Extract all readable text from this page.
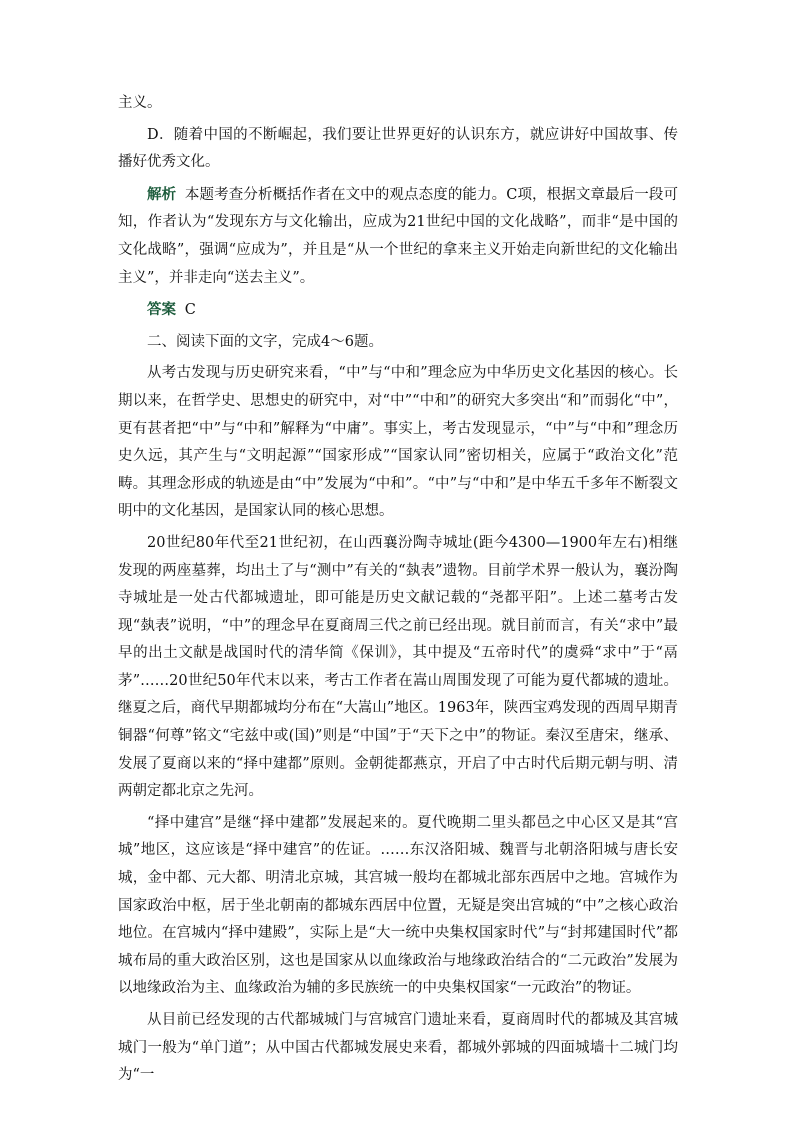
主义。

D．随着中国的不断崛起，我们要让世界更好的认识东方，就应讲好中国故事、传播好优秀文化。

解析 本题考查分析概括作者在文中的观点态度的能力。C项，根据文章最后一段可知，作者认为“发现东方与文化输出，应成为21世纪中国的文化战略”，而非“是中国的文化战略”，强调“应成为”，并且是“从一个世纪的拿来主义开始走向新世纪的文化输出主义”，并非走向“送去主义”。

答案 C

二、阅读下面的文字，完成4～6题。

从考古发现与历史研究来看，“中”与“中和”理念应为中华历史文化基因的核心。长期以来，在哲学史、思想史的研究中，对“中”“中和”的研究大多突出“和”而弱化“中”，更有甚者把“中”与“中和”解释为“中庸”。事实上，考古发现显示，“中”与“中和”理念历史久远，其产生与“文明起源”“国家形成”“国家认同”密切相关，应属于“政治文化”范畴。其理念形成的轨迹是由“中”发展为“中和”。“中”与“中和”是中华五千多年不断裂文明中的文化基因，是国家认同的核心思想。

20世纪80年代至21世纪初，在山西襄汾陶寺城址(距今4300—1900年左右)相继发现的两座墓葬，均出土了与“测中”有关的“埶表”遗物。目前学术界一般认为，襄汾陶寺城址是一处古代都城遗址，即可能是历史文献记载的“尧都平阳”。上述二墓考古发现“埶表”说明，“中”的理念早在夏商周三代之前已经出现。就目前而言，有关“求中”最早的出土文献是战国时代的清华简《保训》，其中提及“五帝时代”的虞舜“求中”于“鬲茅”……20世纪50年代末以来，考古工作者在嵩山周围发现了可能为夏代都城的遗址。继夏之后，商代早期都城均分布在“大嵩山”地区。1963年，陕西宝鸡发现的西周早期青铜器“何尊”铭文“宅兹中或(国)”则是“中国”于“天下之中”的物证。秦汉至唐宋，继承、发展了夏商以来的“择中建都”原则。金朝徙都燕京，开启了中古时代后期元朝与明、清两朝定都北京之先河。

“择中建宫”是继“择中建都”发展起来的。夏代晚期二里头都邑之中心区又是其“宫城”地区，这应该是“择中建宫”的佐证。……东汉洛阳城、魏晋与北朝洛阳城与唐长安城，金中都、元大都、明清北京城，其宫城一般均在都城北部东西居中之地。宫城作为国家政治中枢，居于坐北朝南的都城东西居中位置，无疑是突出宫城的“中”之核心政治地位。在宫城内“择中建殿”，实际上是“大一统中央集权国家时代”与“封邦建国时代”都城布局的重大政治区别，这也是国家从以血缘政治与地缘政治结合的“二元政治”发展为以地缘政治为主、血缘政治为辅的多民族统一的中央集权国家“一元政治”的物证。

从目前已经发现的古代都城城门与宫城宫门遗址来看，夏商周时代的都城及其宫城城门一般为“单门道”；从中国古代都城发展史来看，都城外郭城的四面城墙十二城门均为“一
